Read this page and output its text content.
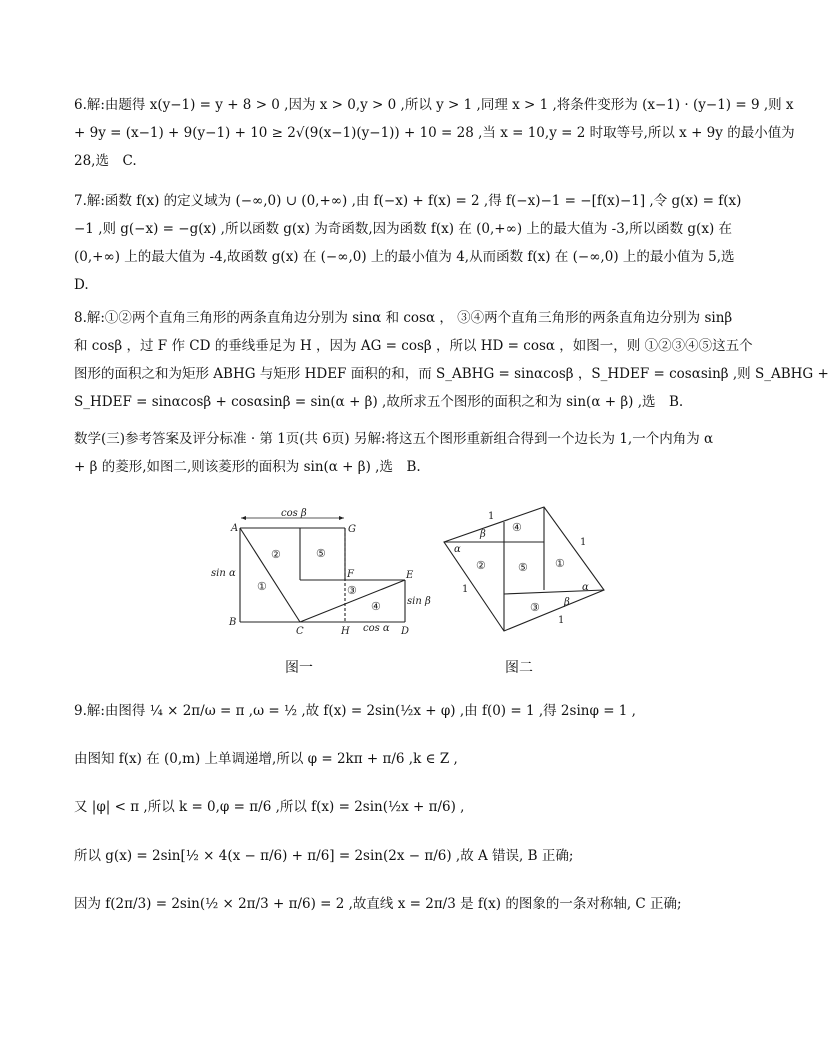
6.解:由题得 x(y−1) = y + 8 > 0 ,因为 x > 0,y > 0 ,所以 y > 1 ,同理 x > 1 ,将条件变形为 (x−1) · (y−1) = 9 ,则 x
+ 9y = (x−1) + 9(y−1) + 10 ≥ 2√(9(x−1)(y−1)) + 10 = 28 ,当 x = 10,y = 2 时取等号,所以 x + 9y 的最小值为
28,选　C.
7.解:函数 f(x) 的定义域为 (−∞,0) ∪ (0,+∞) ,由 f(−x) + f(x) = 2 ,得 f(−x)−1 = −[f(x)−1] ,令 g(x) = f(x)
−1 ,则 g(−x) = −g(x) ,所以函数 g(x) 为奇函数,因为函数 f(x) 在 (0,+∞) 上的最大值为 -3,所以函数 g(x) 在
(0,+∞) 上的最大值为 -4,故函数 g(x) 在 (−∞,0) 上的最小值为 4,从而函数 f(x) 在 (−∞,0) 上的最小值为 5,选
D.
8.解:①②两个直角三角形的两条直角边分别为 sinα 和 cosα ， ③④两个直角三角形的两条直角边分别为 sinβ
和 cosβ ，过 F 作 CD 的垂线垂足为 H ，因为 AG = cosβ ，所以 HD = cosα ，如图一，则 ①②③④⑤这五个
图形的面积之和为矩形 ABHG 与矩形 HDEF 面积的和，而 S_ABHG = sinαcosβ ，S_HDEF = cosαsinβ ,则 S_ABHG +
S_HDEF = sinαcosβ + cosαsinβ = sin(α + β) ,故所求五个图形的面积之和为 sin(α + β) ,选　B.
数学(三)参考答案及评分标准 · 第 1页(共 6页) 另解:将这五个图形重新组合得到一个边长为 1,一个内角为 α
+ β 的菱形,如图二,则该菱形的面积为 sin(α + β) ,选　B.
A
B
C	D
E
F
G
H
cos β
sin α
sin β
cos α
①
②
③
④
⑤
图一
α
β
α
β
1
1
1
1
①
②
③
④
⑤
图二
9.解:由图得 ¼ × 2π/ω = π ,ω = ½ ,故 f(x) = 2sin(½x + φ) ,由 f(0) = 1 ,得 2sinφ = 1 ,
由图知 f(x) 在 (0,m) 上单调递增,所以 φ = 2kπ + π/6 ,k ∈ Z ,
又 |φ| < π ,所以 k = 0,φ = π/6 ,所以 f(x) = 2sin(½x + π/6) ,
所以 g(x) = 2sin[½ × 4(x − π/6) + π/6] = 2sin(2x − π/6) ,故 A 错误, B 正确;
因为 f(2π/3) = 2sin(½ × 2π/3 + π/6) = 2 ,故直线 x = 2π/3 是 f(x) 的图象的一条对称轴, C 正确;
